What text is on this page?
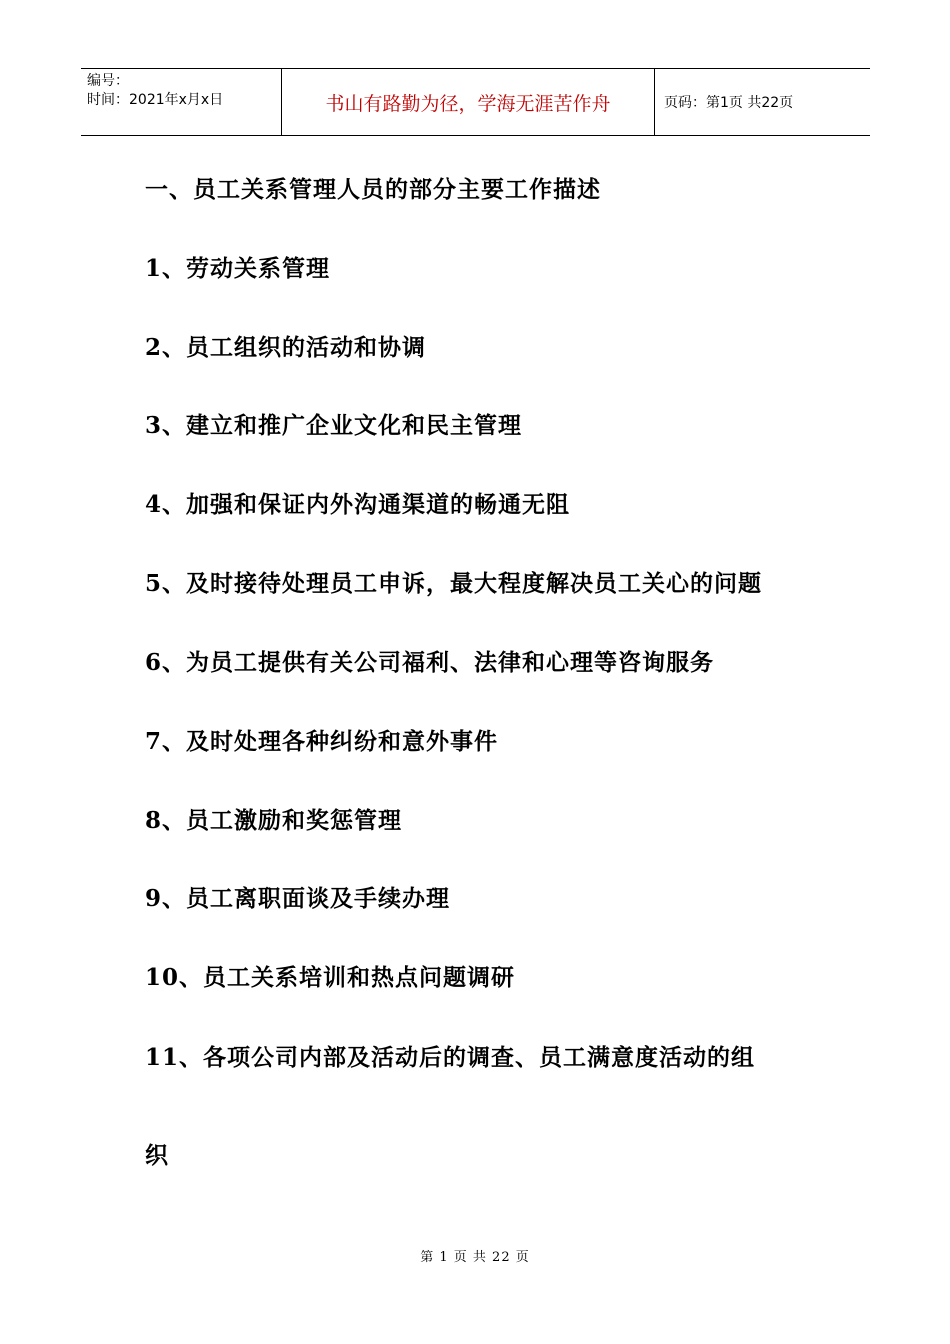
编号：
时间：2021年x月x日	书山有路勤为径，学海无涯苦作舟	页码：第1页 共22页
一、员工关系管理人员的部分主要工作描述
1、劳动关系管理
2、员工组织的活动和协调
3、建立和推广企业文化和民主管理
4、加强和保证内外沟通渠道的畅通无阻
5、及时接待处理员工申诉，最大程度解决员工关心的问题
6、为员工提供有关公司福利、法律和心理等咨询服务
7、及时处理各种纠纷和意外事件
8、员工激励和奖惩管理
9、员工离职面谈及手续办理
10、员工关系培训和热点问题调研
11、各项公司内部及活动后的调查、员工满意度活动的组
织
第 1 页 共 22 页
